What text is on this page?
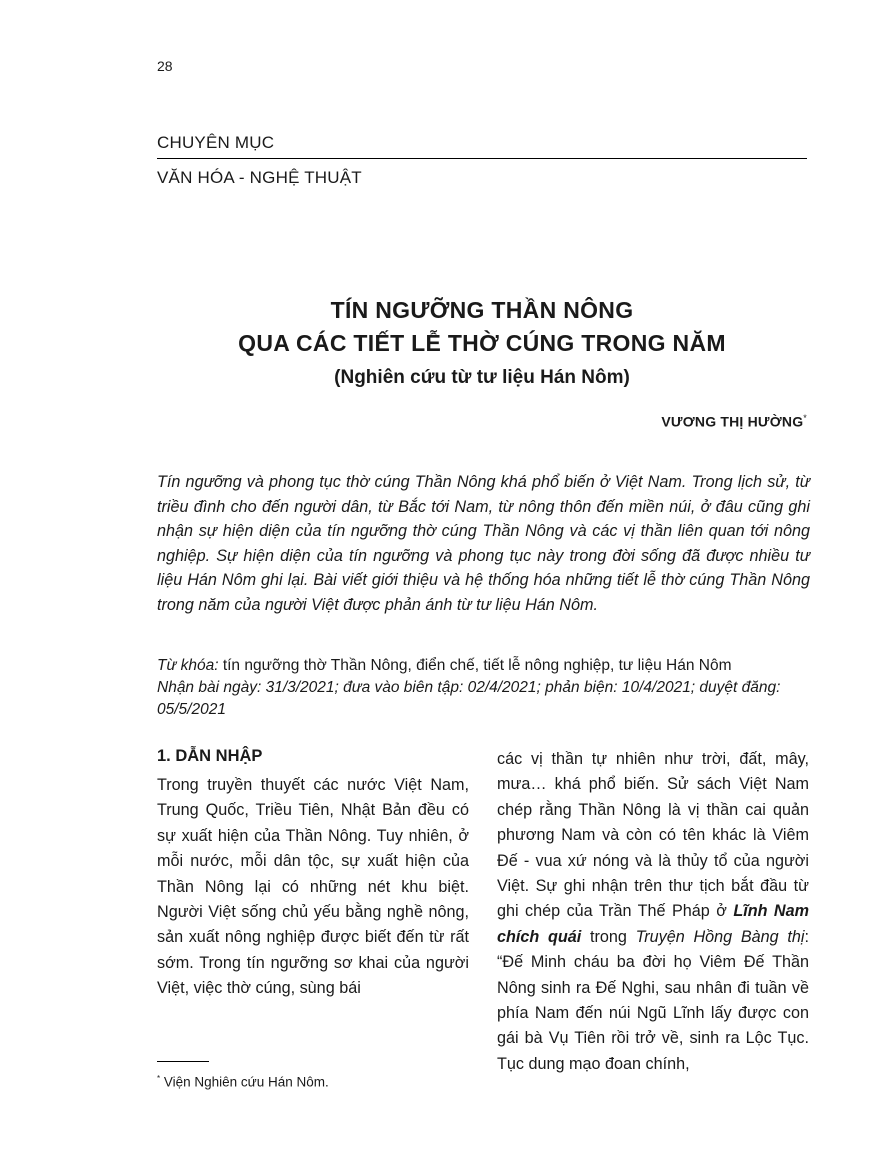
28
CHUYÊN MỤC
VĂN HÓA - NGHỆ THUẬT
TÍN NGƯỠNG THẦN NÔNG
QUA CÁC TIẾT LỄ THỜ CÚNG TRONG NĂM
(Nghiên cứu từ tư liệu Hán Nôm)
VƯƠNG THỊ HƯỜNG*
Tín ngưỡng và phong tục thờ cúng Thần Nông khá phổ biến ở Việt Nam. Trong lịch sử, từ triều đình cho đến người dân, từ Bắc tới Nam, từ nông thôn đến miền núi, ở đâu cũng ghi nhận sự hiện diện của tín ngưỡng thờ cúng Thần Nông và các vị thần liên quan tới nông nghiệp. Sự hiện diện của tín ngưỡng và phong tục này trong đời sống đã được nhiều tư liệu Hán Nôm ghi lại. Bài viết giới thiệu và hệ thống hóa những tiết lễ thờ cúng Thần Nông trong năm của người Việt được phản ánh từ tư liệu Hán Nôm.
Từ khóa: tín ngưỡng thờ Thần Nông, điển chế, tiết lễ nông nghiệp, tư liệu Hán Nôm
Nhận bài ngày: 31/3/2021; đưa vào biên tập: 02/4/2021; phản biện: 10/4/2021; duyệt đăng: 05/5/2021
1. DẪN NHẬP
Trong truyền thuyết các nước Việt Nam, Trung Quốc, Triều Tiên, Nhật Bản đều có sự xuất hiện của Thần Nông. Tuy nhiên, ở mỗi nước, mỗi dân tộc, sự xuất hiện của Thần Nông lại có những nét khu biệt. Người Việt sống chủ yếu bằng nghề nông, sản xuất nông nghiệp được biết đến từ rất sớm. Trong tín ngưỡng sơ khai của người Việt, việc thờ cúng, sùng bái
các vị thần tự nhiên như trời, đất, mây, mưa… khá phổ biến. Sử sách Việt Nam chép rằng Thần Nông là vị thần cai quản phương Nam và còn có tên khác là Viêm Đế - vua xứ nóng và là thủy tổ của người Việt. Sự ghi nhận trên thư tịch bắt đầu từ ghi chép của Trần Thế Pháp ở Lĩnh Nam chích quái trong Truyện Hồng Bàng thị: “Đế Minh cháu ba đời họ Viêm Đế Thần Nông sinh ra Đế Nghi, sau nhân đi tuần về phía Nam đến núi Ngũ Lĩnh lấy được con gái bà Vụ Tiên rồi trở về, sinh ra Lộc Tục. Tục dung mạo đoan chính,
* Viện Nghiên cứu Hán Nôm.
